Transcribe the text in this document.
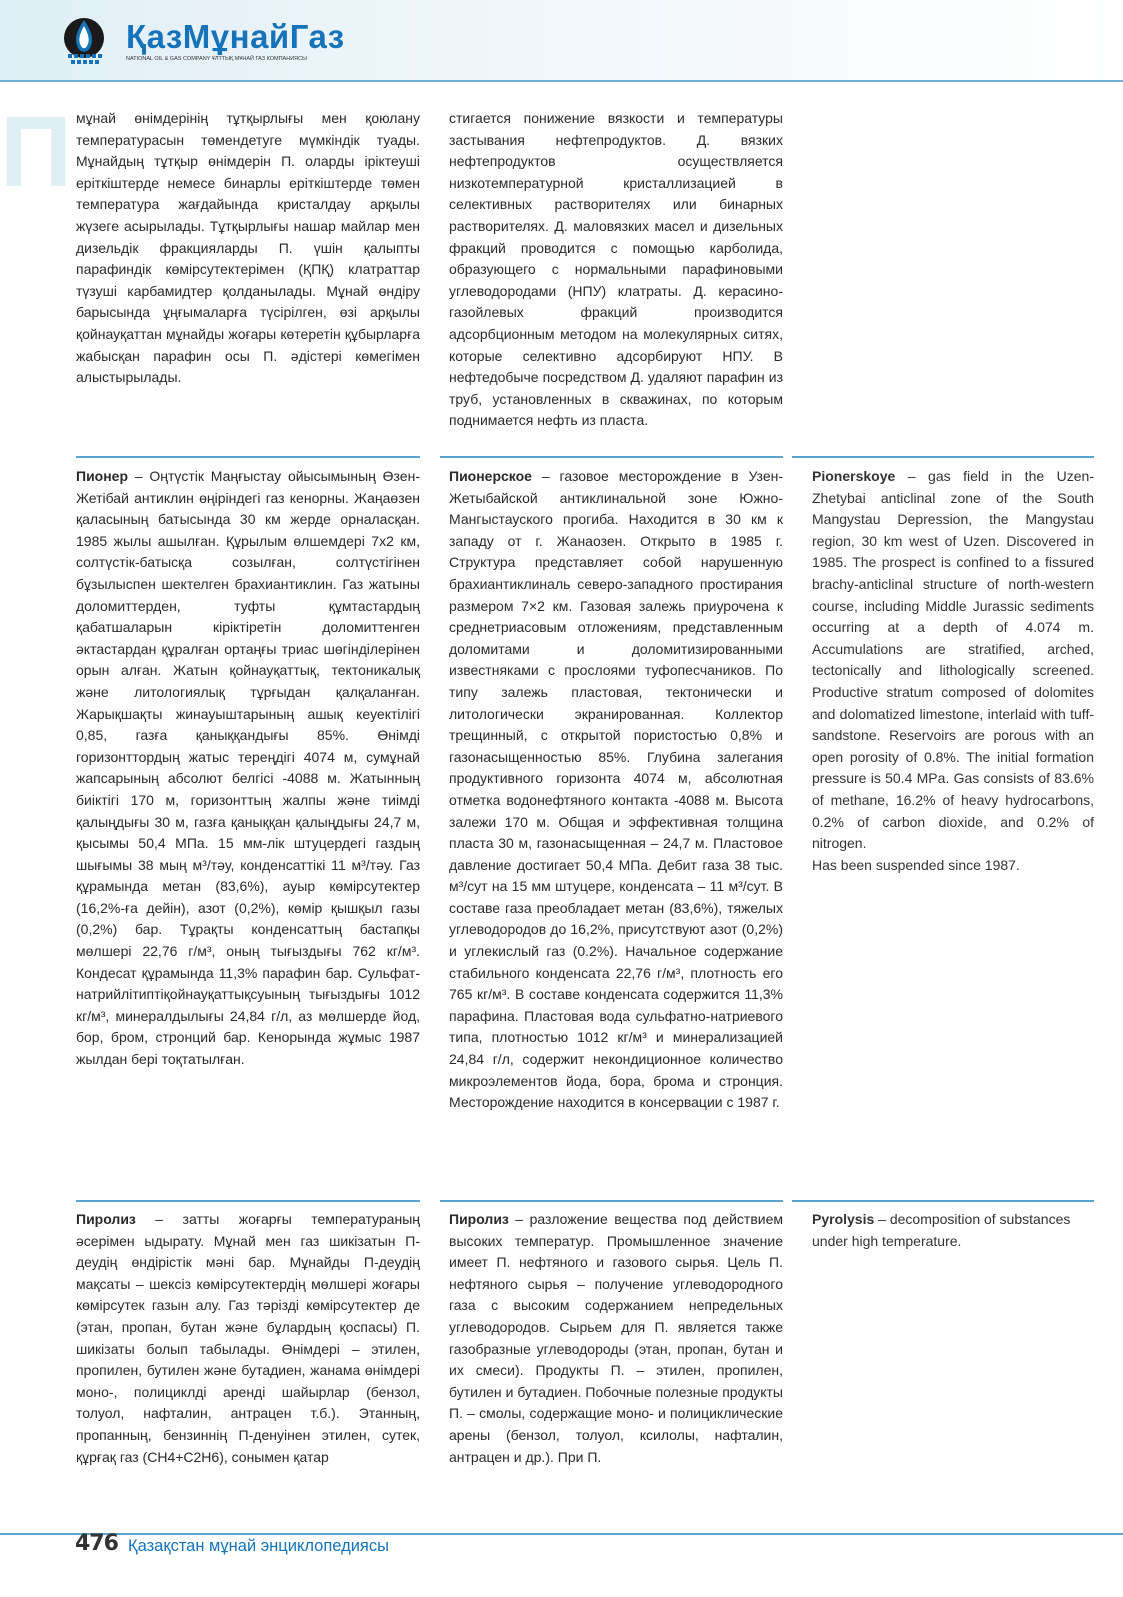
ҚазМұнайГаз
NATIONAL OIL & GAS COMPANY ҰЛТТЫҚ МҰНАЙ ГАЗ КОМПАНИЯСЫ
П мұнай өнімдерінің тұтқырлығы мен қоюлану температурасын төмендетуге мүмкіндік туады. Мұнайдың тұтқыр өнімдерін П. оларды іріктеуші еріткіштерде немесе бинарлы еріткіштерде төмен температура жағдайында кристалдау арқылы жүзеге асырылады. Тұтқырлығы нашар майлар мен дизельдік фракцияларды П. үшін қалыпты парафиндік көмірсутектерімен (ҚПҚ) клатраттар түзуші карбамидтер қолданылады. Мұнай өндіру барысында ұңғымаларға түсірілген, өзі арқылы қойнауқаттан мұнайды жоғары көтеретін құбырларға жабысқан парафин осы П. әдістері көмегімен алыстырылады.

стигается понижение вязкости и температуры застывания нефтепродуктов. Д. вязких нефтепродуктов осуществляется низкотемпературной кристаллизацией в селективных растворителях или бинарных растворителях. Д. маловязких масел и дизельных фракций проводится с помощью карболида, образующего с нормальными парафиновыми углеводородами (НПУ) клатраты. Д. керасино-газойлевых фракций производится адсорбционным методом на молекулярных ситях, которые селективно адсорбируют НПУ. В нефтедобыче посредством Д. удаляют парафин из труб, установленных в скважинах, по которым поднимается нефть из пласта.

Пионер – Оңтүстік Маңғыстау ойысымының Өзен-Жетібай антиклин өңіріндегі газ кенорны. Жаңаөзен қаласының батысында 30 км жерде орналасқан. 1985 жылы ашылған. Құрылым өлшемдері 7х2 км, солтүстік-батысқа созылған, солтүстігінен бұзылыспен шектелген брахиантиклин. Газ жатыны доломиттерден, туфты құмтастардың қабатшаларын кіріктіретін доломиттенген әктастардан құралған ортаңғы триас шөгінділерінен орын алған. Жатын қойнауқаттық, тектоникалық және литологиялық тұрғыдан қалқаланған. Жарықшақты жинауыштарының ашық кеуектілігі 0,85, газға қаныққандығы 85%. Өнімді горизонттордың жатыс тереңдігі 4074 м, сумұнай жапсарының абсолют белгісі -4088 м. Жатынның биіктігі 170 м, горизонттың жалпы және тиімді қалыңдығы 30 м, газға қаныққан қалыңдығы 24,7 м, қысымы 50,4 МПа. 15 мм-лік штуцердегі газдың шығымы 38 мың м³/тәу, конденсаттікі 11 м³/тәу. Газ құрамында метан (83,6%), ауыр көмірсутектер (16,2%-ға дейін), азот (0,2%), көмір қышқыл газы (0,2%) бар. Тұрақты конденсаттың бастапқы мөлшері 22,76 г/м³, оның тығыздығы 762 кг/м³. Кондесат құрамында 11,3% парафин бар. Сульфат-натрийлітиптіқойнауқаттықсуының тығыздығы 1012 кг/м³, минералдылығы 24,84 г/л, аз мөлшерде йод, бор, бром, стронций бар. Кенорында жұмыс 1987 жылдан бері тоқтатылған.

Пионерское – газовое месторождение в Узен-Жетыбайской антиклинальной зоне Южно-Мангыстауского прогиба. Находится в 30 км к западу от г. Жанаозен. Открыто в 1985 г. Структура представляет собой нарушенную брахиантиклиналь северо-западного простирания размером 7×2 км. Газовая залежь приурочена к среднетриасовым отложениям, представленным доломитами и доломитизированными известняками с прослоями туфопесчаников. По типу залежь пластовая, тектонически и литологически экранированная. Коллектор трещинный, с открытой пористостью 0,8% и газонасыщенностью 85%. Глубина залегания продуктивного горизонта 4074 м, абсолютная отметка водонефтяного контакта -4088 м. Высота залежи 170 м. Общая и эффективная толщина пласта 30 м, газонасыщенная – 24,7 м. Пластовое давление достигает 50,4 МПа. Дебит газа 38 тыс. м³/сут на 15 мм штуцере, конденсата – 11 м³/сут. В составе газа преобладает метан (83,6%), тяжелых углеводородов до 16,2%, присутствуют азот (0,2%) и углекислый газ (0.2%). Начальное содержание стабильного конденсата 22,76 г/м³, плотность его 765 кг/м³. В составе конденсата содержится 11,3% парафина. Пластовая вода сульфатно-натриевого типа, плотностью 1012 кг/м³ и минерализацией 24,84 г/л, содержит некондиционное количество микроэлементов йода, бора, брома и стронция. Месторождение находится в консервации с 1987 г.

Pionerskoye – gas field in the Uzen-Zhetybai anticlinal zone of the South Mangystau Depression, the Mangystau region, 30 km west of Uzen. Discovered in 1985. The prospect is confined to a fissured brachy-anticlinal structure of north-western course, including Middle Jurassic sediments occurring at a depth of 4.074 m. Accumulations are stratified, arched, tectonically and lithologically screened. Productive stratum composed of dolomites and dolomatized limestone, interlaid with tuff-sandstone. Reservoirs are porous with an open porosity of 0.8%. The initial formation pressure is 50.4 MPa. Gas consists of 83.6% of methane, 16.2% of heavy hydrocarbons, 0.2% of carbon dioxide, and 0.2% of nitrogen.

Has been suspended since 1987.

Пиролиз – затты жоғарғы температураның әсерімен ыдырату. Мұнай мен газ шикізатын П-деудің өндірістік мәні бар. Мұнайды П-деудің мақсаты – шексіз көмірсутектердің мөлшері жоғары көмірсутек газын алу. Газ тәрізді көмірсутектер де (этан, пропан, бутан және бұлардың қоспасы) П. шикізаты болып табылады. Өнімдері – этилен, пропилен, бутилен және бутадиен, жанама өнімдері моно-, полициклді аренді шайырлар (бензол, толуол, нафталин, антрацен т.б.). Этанның, пропанның, бензиннің П-денуінен этилен, сутек, құрғақ газ (CH4+C2H6), сонымен қатар

Пиролиз – разложение вещества под действием высоких температур. Промышленное значение имеет П. нефтяного и газового сырья. Цель П. нефтяного сырья – получение углеводородного газа с высоким содержанием непредельных углеводородов. Сырьем для П. является также газобразные углеводороды (этан, пропан, бутан и их смеси). Продукты П. – этилен, пропилен, бутилен и бутадиен. Побочные полезные продукты П. – смолы, содержащие моно- и полициклические арены (бензол, толуол, ксилолы, нафталин, антрацен и др.). При П.

Pyrolysis – decomposition of substances under high temperature.

476 Қазақстан мұнай энциклопедиясы
